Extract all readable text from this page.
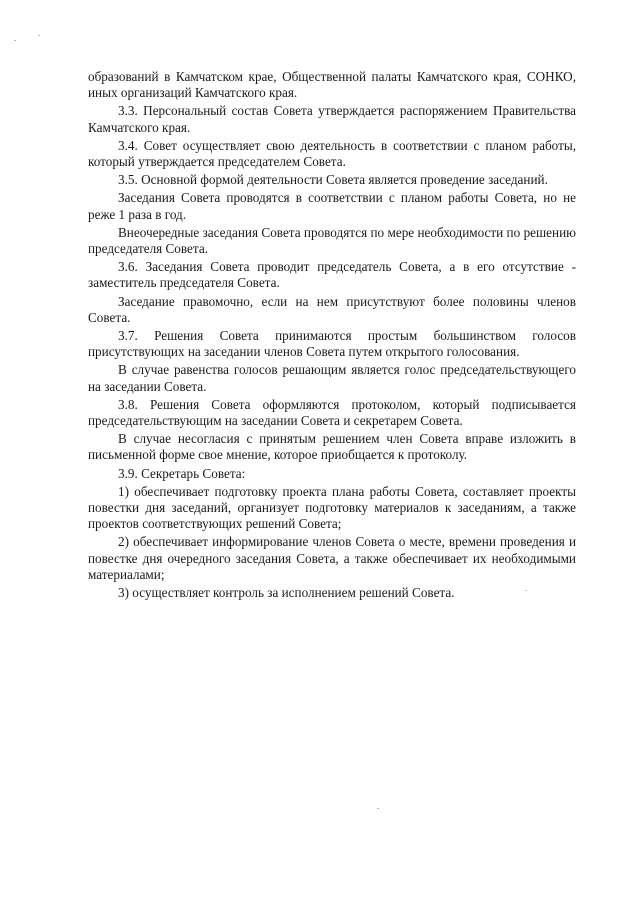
образований в Камчатском крае, Общественной палаты Камчатского края, СОНКО, иных организаций Камчатского края.

3.3. Персональный состав Совета утверждается распоряжением Правительства Камчатского края.

3.4. Совет осуществляет свою деятельность в соответствии с планом работы, который утверждается председателем Совета.

3.5. Основной формой деятельности Совета является проведение заседаний.

Заседания Совета проводятся в соответствии с планом работы Совета, но не реже 1 раза в год.

Внеочередные заседания Совета проводятся по мере необходимости по решению председателя Совета.

3.6. Заседания Совета проводит председатель Совета, а в его отсутствие - заместитель председателя Совета.

Заседание правомочно, если на нем присутствуют более половины членов Совета.

3.7. Решения Совета принимаются простым большинством голосов присутствующих на заседании членов Совета путем открытого голосования.

В случае равенства голосов решающим является голос председательствующего на заседании Совета.

3.8. Решения Совета оформляются протоколом, который подписывается председательствующим на заседании Совета и секретарем Совета.

В случае несогласия с принятым решением член Совета вправе изложить в письменной форме свое мнение, которое приобщается к протоколу.

3.9. Секретарь Совета:

1) обеспечивает подготовку проекта плана работы Совета, составляет проекты повестки дня заседаний, организует подготовку материалов к заседаниям, а также проектов соответствующих решений Совета;

2) обеспечивает информирование членов Совета о месте, времени проведения и повестке дня очередного заседания Совета, а также обеспечивает их необходимыми материалами;

3) осуществляет контроль за исполнением решений Совета.
